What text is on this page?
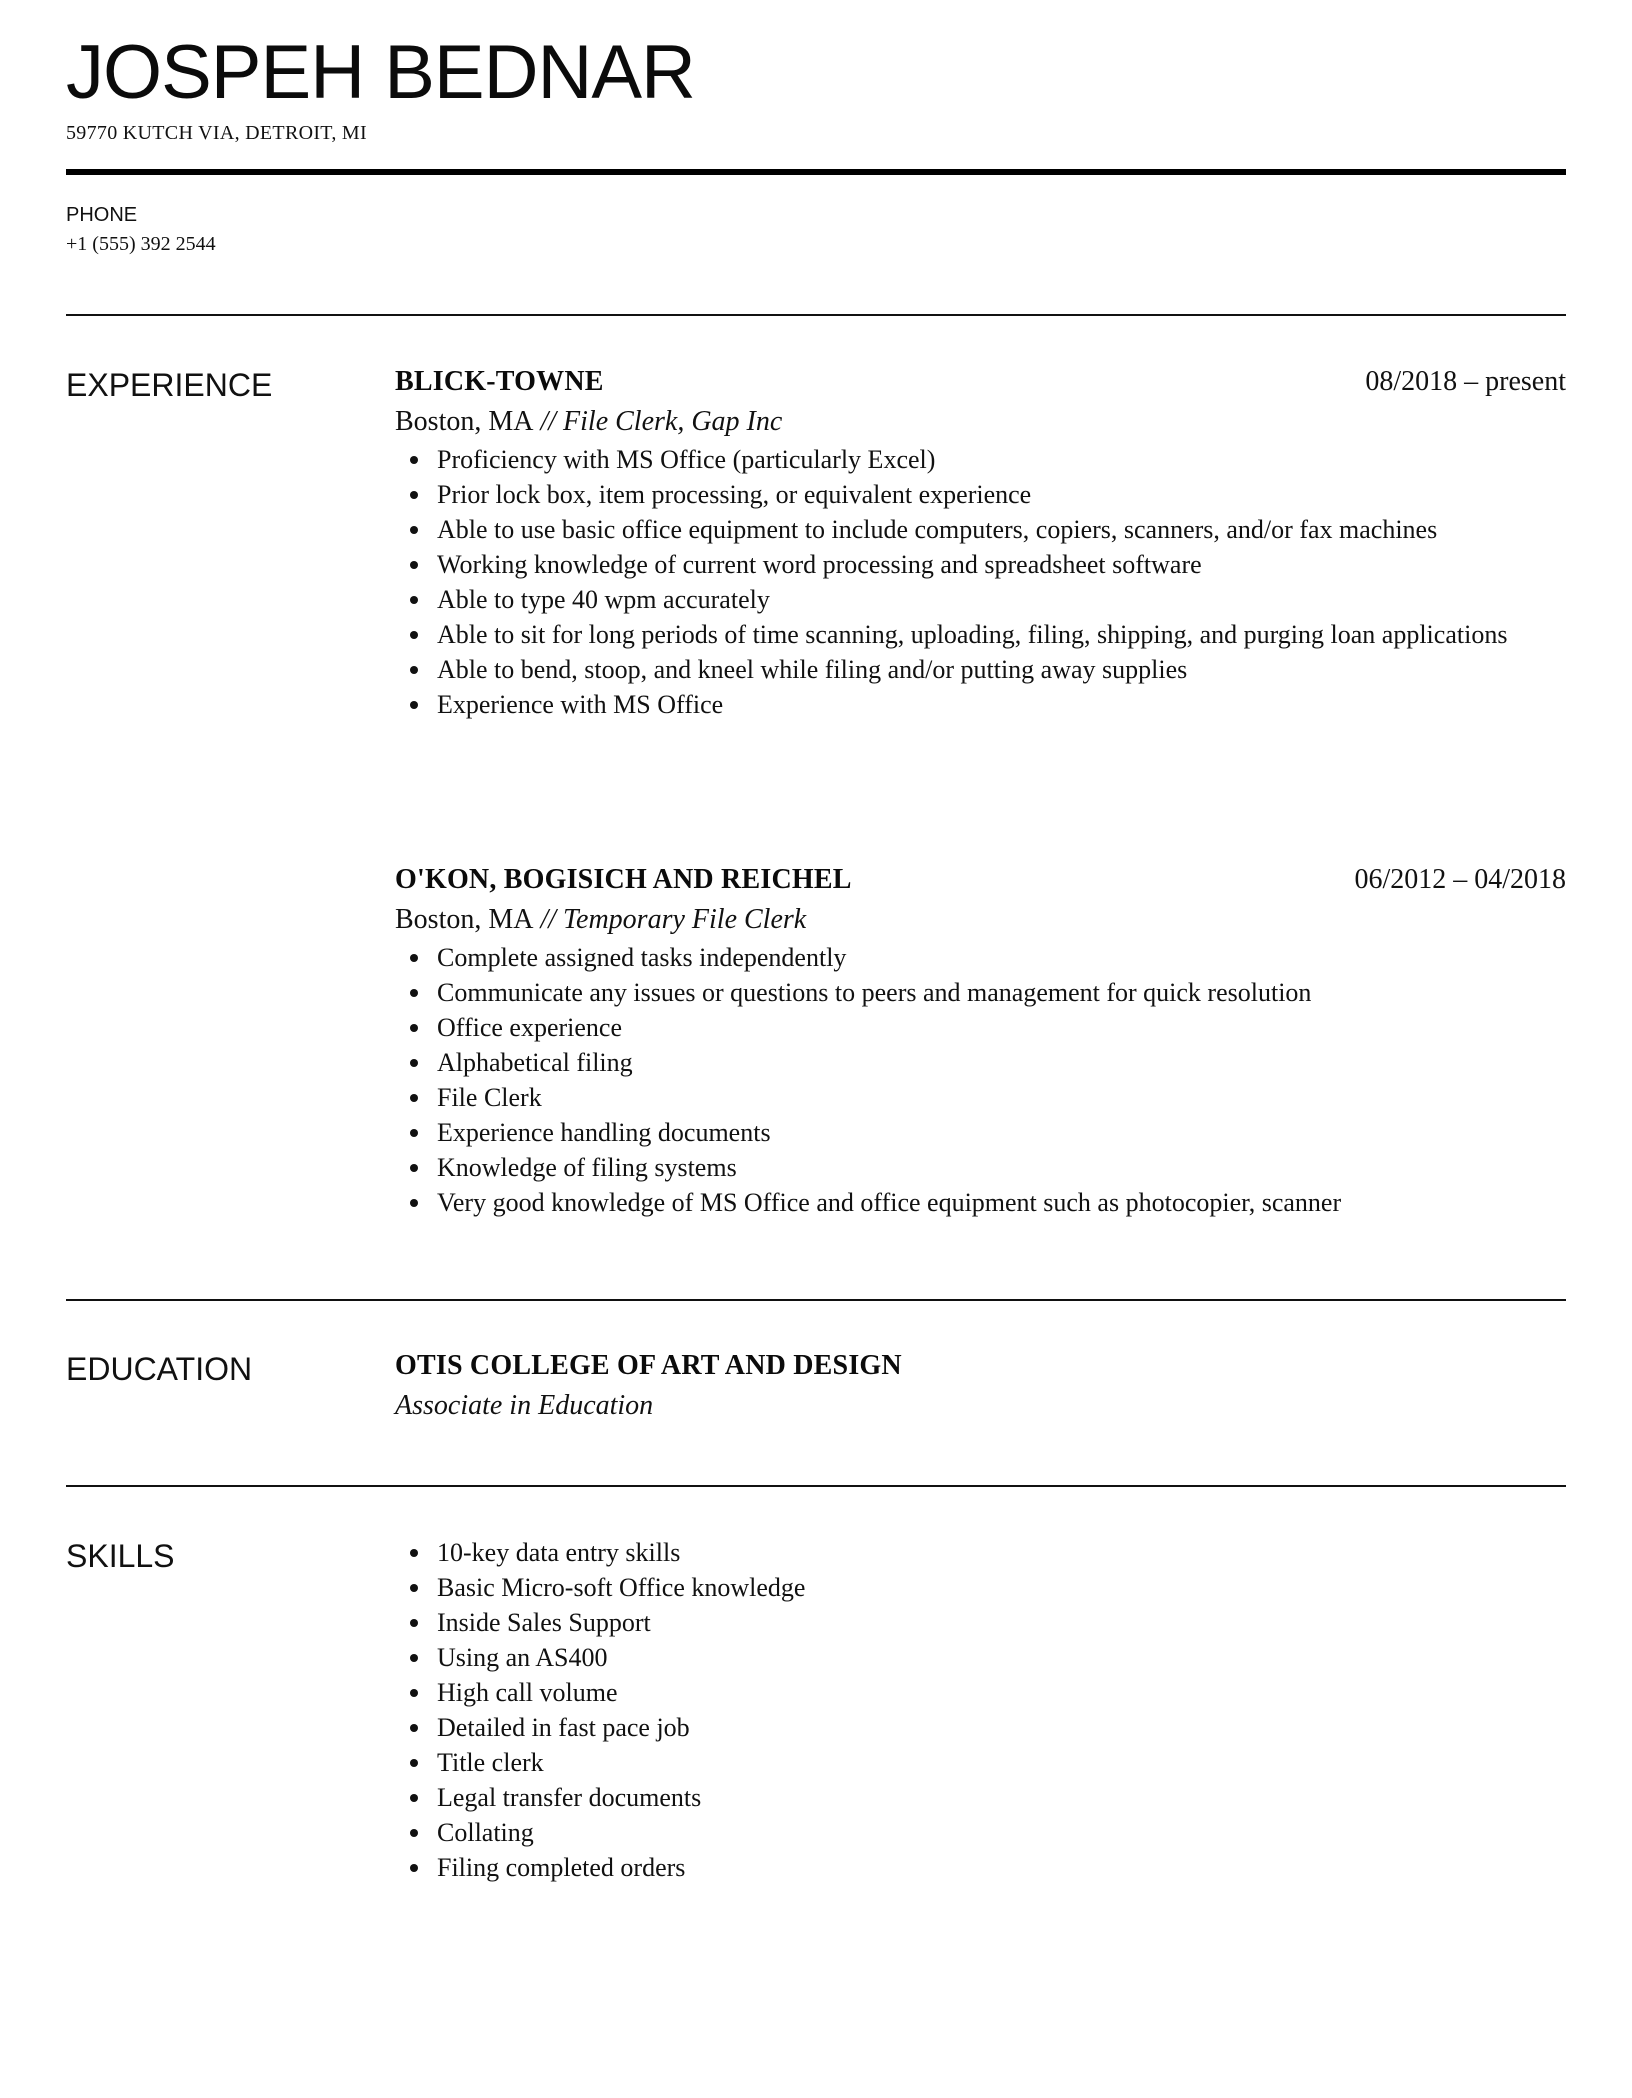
JOSPEH BEDNAR
59770 KUTCH VIA, DETROIT, MI
PHONE
+1 (555) 392 2544
EXPERIENCE	BLICK-TOWNE	08/2018 – present
Boston, MA // File Clerk, Gap Inc
Proficiency with MS Office (particularly Excel)
Prior lock box, item processing, or equivalent experience
Able to use basic office equipment to include computers, copiers, scanners, and/or fax machines
Working knowledge of current word processing and spreadsheet software
Able to type 40 wpm accurately
Able to sit for long periods of time scanning, uploading, filing, shipping, and purging loan applications
Able to bend, stoop, and kneel while filing and/or putting away supplies
Experience with MS Office
O'KON, BOGISICH AND REICHEL	06/2012 – 04/2018
Boston, MA // Temporary File Clerk
Complete assigned tasks independently
Communicate any issues or questions to peers and management for quick resolution
Office experience
Alphabetical filing
File Clerk
Experience handling documents
Knowledge of filing systems
Very good knowledge of MS Office and office equipment such as photocopier, scanner
EDUCATION	OTIS COLLEGE OF ART AND DESIGN
Associate in Education
SKILLS	10-key data entry skills
Basic Micro-soft Office knowledge
Inside Sales Support
Using an AS400
High call volume
Detailed in fast pace job
Title clerk
Legal transfer documents
Collating
Filing completed orders
